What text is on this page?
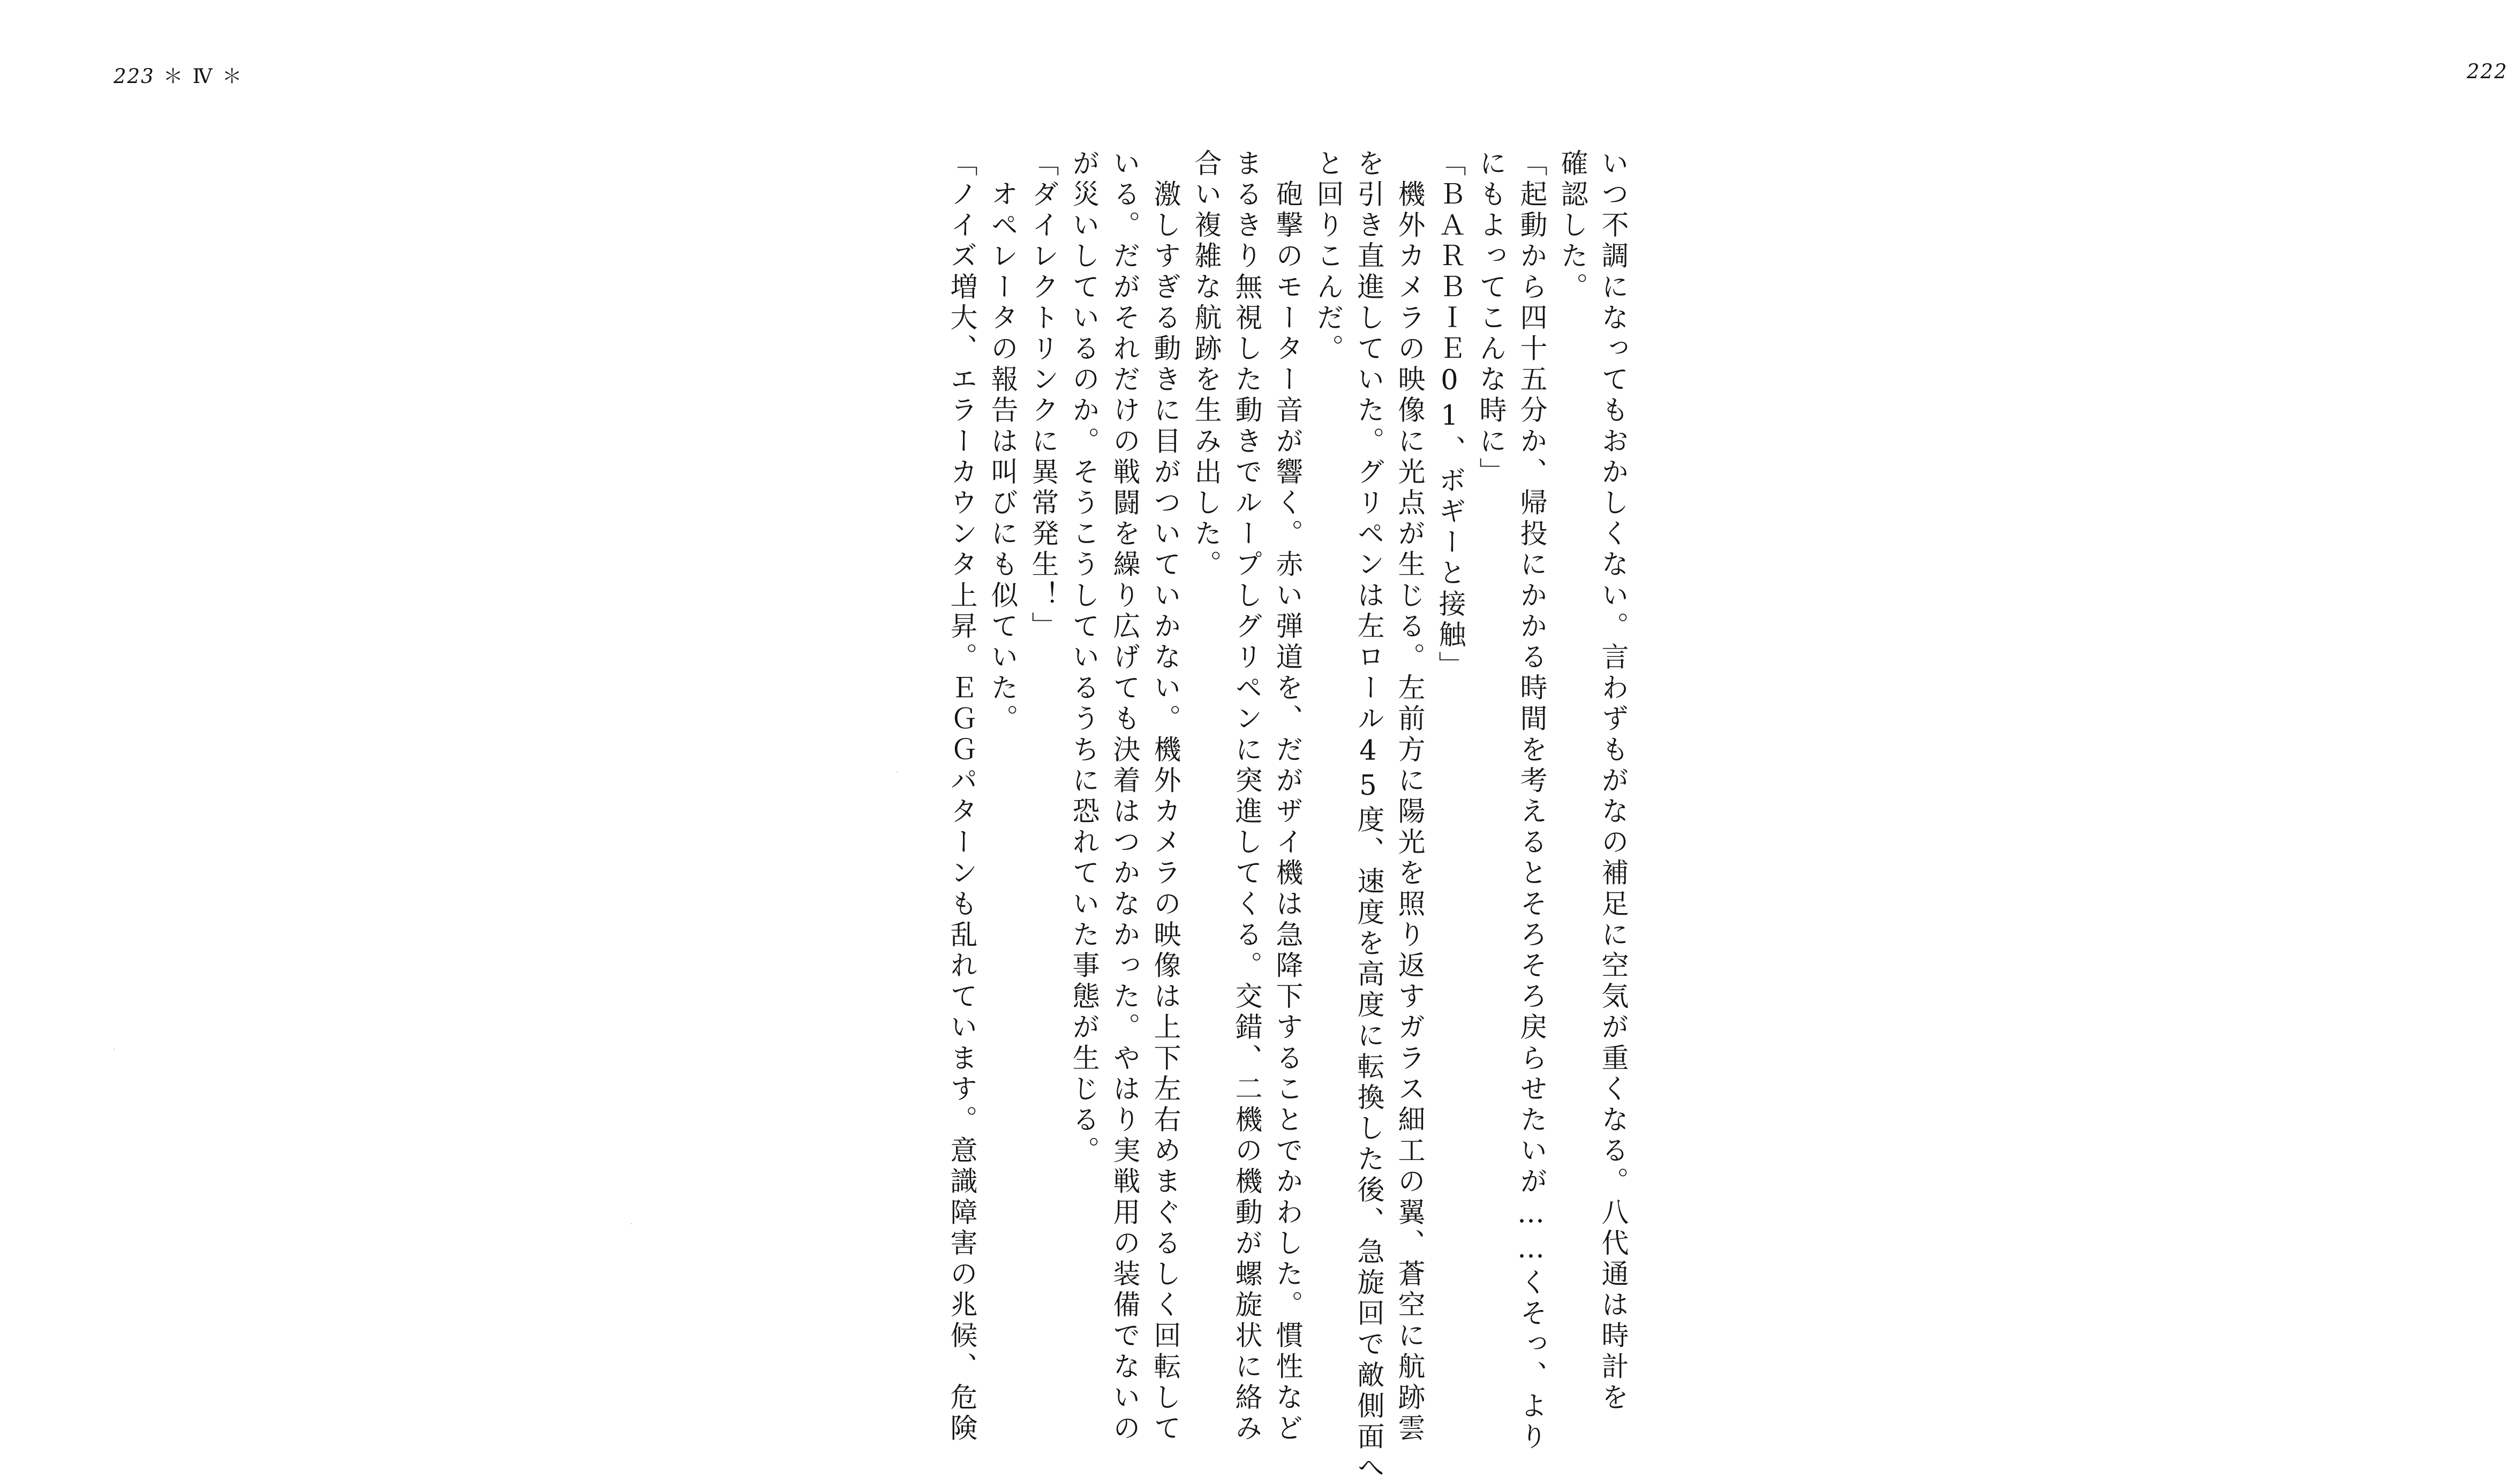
223 ＊ Ⅳ ＊	222

いつ不調になってもおかしくない。言わずもがなの補足に空気が重くなる。八代通は時計を
確認した。
「起動から四十五分か、帰投にかかる時間を考えるとそろそろ戻らせたいが……くそっ、より
にもよってこんな時に」
「ＢＡＲＢＩＥ01、ボギーと接触」
　機外カメラの映像に光点が生じる。左前方に陽光を照り返すガラス細工の翼、蒼空に航跡雲
を引き直進していた。グリペンは左ロール45度、速度を高度に転換した後、急旋回で敵側面へ
と回りこんだ。
　砲撃のモーター音が響く。赤い弾道を、だがザイ機は急降下することでかわした。慣性など
まるきり無視した動きでループしグリペンに突進してくる。交錯、二機の機動が螺旋状に絡み
合い複雑な航跡を生み出した。
　激しすぎる動きに目がついていかない。機外カメラの映像は上下左右めまぐるしく回転して
いる。だがそれだけの戦闘を繰り広げても決着はつかなかった。やはり実戦用の装備でないの
が災いしているのか。そうこうしているうちに恐れていた事態が生じる。
「ダイレクトリンクに異常発生！」
　オペレータの報告は叫びにも似ていた。
「ノイズ増大、エラーカウンタ上昇。ＥＧＧパターンも乱れています。意識障害の兆候、危険
